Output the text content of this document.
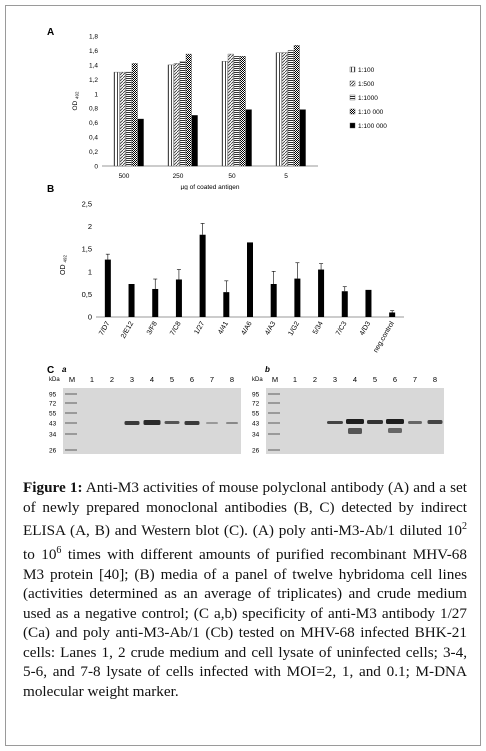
A
0
0,2
0,4
0,6
0,8
1
1,2
1,4
1,6
1,8
OD $_{492}$
500	250	50	5
µg of coated antigen
1:100
1:500
1:1000
1:10 000
1:100 000
B
0
0,5
1
1,5
2
2,5
OD $_{492}$
7/D7 2/E12 3/F8 7/C8 1/27 4/41 4/A6 4/A3 1/G2 5/34 7/C3 4/D3 neg.control
C a	b
kDa M 1 2 3 4 5 6 7 8
95
72
55
43
34
26
kDa M 1 2 3 4 5 6 7 8
95
72
55
43
34
26

Figure 1: Anti-M3 activities of mouse polyclonal antibody (A) and a set of newly prepared monoclonal antibodies (B, C) detected by indirect ELISA (A, B) and Western blot (C). (A) poly anti-M3-Ab/1 diluted $10^2$ to $10^6$ times with different amounts of purified recombinant MHV-68 M3 protein [40]; (B) media of a panel of twelve hybridoma cell lines (activities determined as an average of triplicates) and crude medium used as a negative control; (C a,b) specificity of anti-M3 antibody 1/27 (Ca) and poly anti-M3-Ab/1 (Cb) tested on MHV-68 infected BHK-21 cells: Lanes 1, 2 crude medium and cell lysate of uninfected cells; 3-4, 5-6, and 7-8 lysate of cells infected with MOI=2, 1, and 0.1; M-DNA molecular weight marker.
